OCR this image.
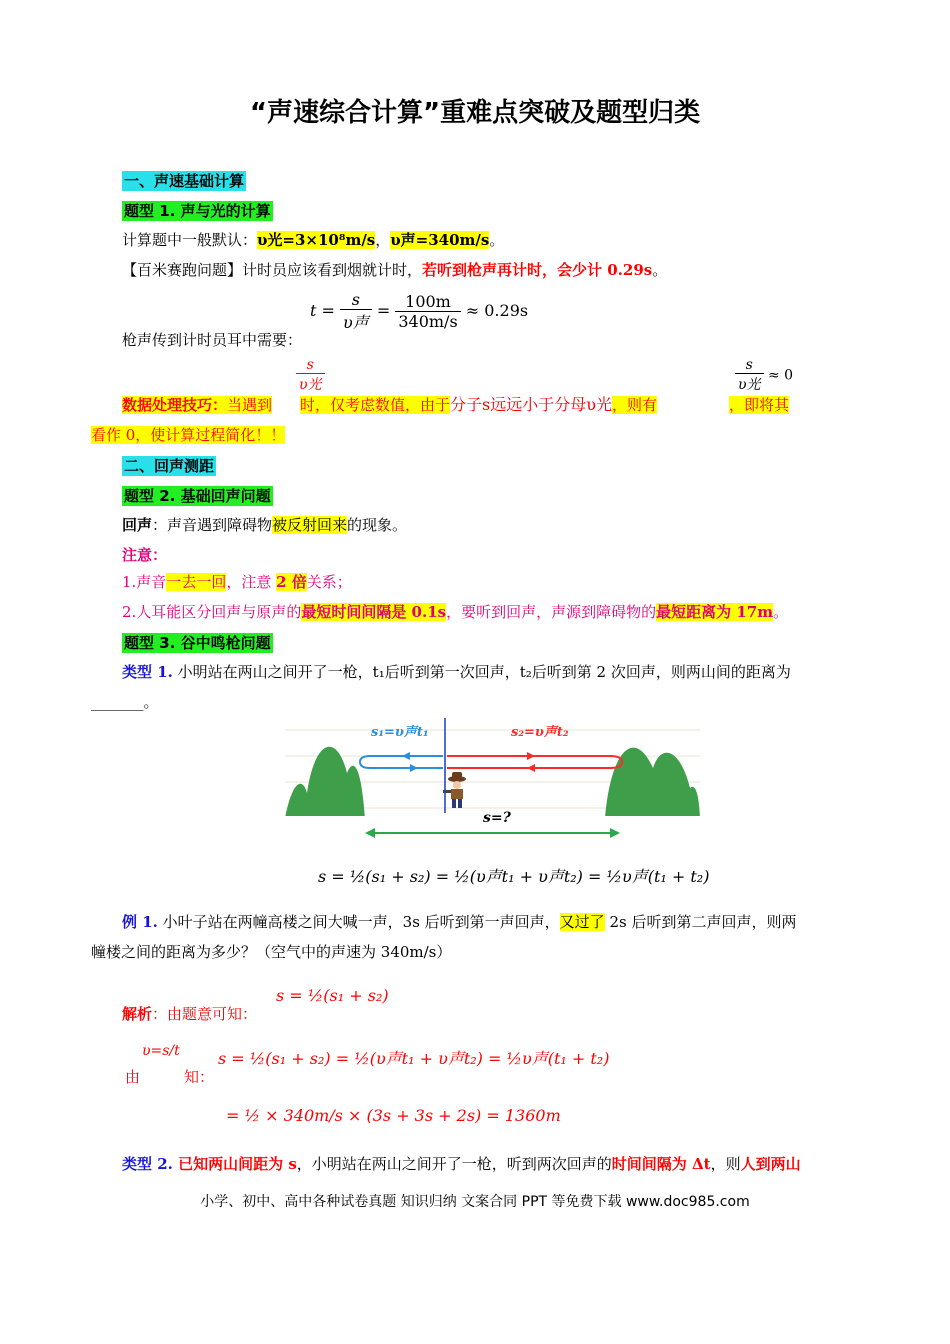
“声速综合计算”重难点突破及题型归类
一、声速基础计算
题型 1. 声与光的计算
计算题中一般默认：υ光=3×10⁸m/s，υ声=340m/s。
【百米赛跑问题】计时员应该看到烟就计时，若听到枪声再计时，会少计 0.29s。
$t = \frac{s}{\text{υ声}} = \frac{100m}{340m/s} \approx 0.29s$
枪声传到计时员耳中需要：
$\frac{s}{\text{υ光}}$	$\frac{s}{\text{υ光}} \approx 0$
数据处理技巧：当遇到 时，仅考虑数值，由于分子s远远小于分母υ光，则有	，即将其
看作 0，使计算过程简化！！
二、回声测距
题型 2. 基础回声问题
回声：声音遇到障碍物被反射回来的现象。
注意：
1.声音一去一回，注意 2 倍关系；
2.人耳能区分回声与原声的最短时间间隔是 0.1s，要听到回声，声源到障碍物的最短距离为 17m。
题型 3. 谷中鸣枪问题
类型 1. 小明站在两山之间开了一枪，t₁后听到第一次回声，t₂后听到第 2 次回声，则两山间的距离为
_______。
s₁=υ声t₁	s₂=υ声t₂
s=?
s = ½(s₁ + s₂) = ½(υ声t₁ + υ声t₂) = ½υ声(t₁ + t₂)
例 1. 小叶子站在两幢高楼之间大喊一声，3s 后听到第一声回声，又过了 2s 后听到第二声回声，则两
幢楼之间的距离为多少？（空气中的声速为 340m/s）
s = ½(s₁ + s₂)
解析：由题意可知：
υ=s/t
由	知：
s = ½(s₁ + s₂) = ½(υ声t₁ + υ声t₂) = ½υ声(t₁ + t₂)
= ½ × 340m/s × (3s + 3s + 2s) = 1360m
类型 2. 已知两山间距为 s，小明站在两山之间开了一枪，听到两次回声的时间间隔为 Δt，则人到两山
小学、初中、高中各种试卷真题 知识归纳 文案合同 PPT 等免费下载 www.doc985.com
